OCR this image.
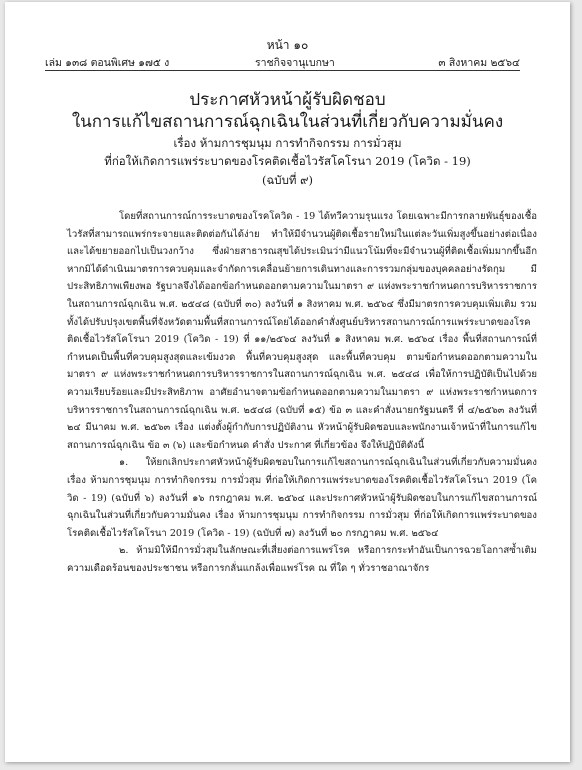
หน้า ๑๐
เล่ม ๑๓๘ ตอนพิเศษ ๑๗๕ ง	ราชกิจจานุเบกษา	๓ สิงหาคม ๒๕๖๔
ประกาศหัวหน้าผู้รับผิดชอบ
ในการแก้ไขสถานการณ์ฉุกเฉินในส่วนที่เกี่ยวกับความมั่นคง
เรื่อง ห้ามการชุมนุม การทำกิจกรรม การมั่วสุม
ที่ก่อให้เกิดการแพร่ระบาดของโรคติดเชื้อไวรัสโคโรนา 2019 (โควิด - 19)
(ฉบับที่ ๙)

โดยที่สถานการณ์การระบาดของโรคโควิด - 19 ได้ทวีความรุนแรง โดยเฉพาะมีการกลายพันธุ์ของเชื้อไวรัสที่สามารถแพร่กระจายและติดต่อกันได้ง่าย ทำให้มีจำนวนผู้ติดเชื้อรายใหม่ในแต่ละวันเพิ่มสูงขึ้นอย่างต่อเนื่องและได้ขยายออกไปเป็นวงกว้าง ซึ่งฝ่ายสาธารณสุขได้ประเมินว่ามีแนวโน้มที่จะมีจำนวนผู้ที่ติดเชื้อเพิ่มมากขึ้นอีก หากมิได้ดำเนินมาตรการควบคุมและจำกัดการเคลื่อนย้ายการเดินทางและการรวมกลุ่มของบุคคลอย่างรัดกุม มีประสิทธิภาพเพียงพอ รัฐบาลจึงได้ออกข้อกำหนดออกตามความในมาตรา ๙ แห่งพระราชกำหนดการบริหารราชการในสถานการณ์ฉุกเฉิน พ.ศ. ๒๕๔๘ (ฉบับที่ ๓๐) ลงวันที่ ๑ สิงหาคม พ.ศ. ๒๕๖๔ ซึ่งมีมาตรการควบคุมเพิ่มเติม รวมทั้งได้ปรับปรุงเขตพื้นที่จังหวัดตามพื้นที่สถานการณ์โดยได้ออกคำสั่งศูนย์บริหารสถานการณ์การแพร่ระบาดของโรคติดเชื้อไวรัสโคโรนา 2019 (โควิด - 19) ที่ ๑๑/๒๕๖๔ ลงวันที่ ๑ สิงหาคม พ.ศ. ๒๕๖๔ เรื่อง พื้นที่สถานการณ์ที่กำหนดเป็นพื้นที่ควบคุมสูงสุดและเข้มงวด พื้นที่ควบคุมสูงสุด และพื้นที่ควบคุม ตามข้อกำหนดออกตามความในมาตรา ๙ แห่งพระราชกำหนดการบริหารราชการในสถานการณ์ฉุกเฉิน พ.ศ. ๒๕๔๘ เพื่อให้การปฏิบัติเป็นไปด้วยความเรียบร้อยและมีประสิทธิภาพ อาศัยอำนาจตามข้อกำหนดออกตามความในมาตรา ๙ แห่งพระราชกำหนดการบริหารราชการในสถานการณ์ฉุกเฉิน พ.ศ. ๒๕๔๘ (ฉบับที่ ๑๕) ข้อ ๓ และคำสั่งนายกรัฐมนตรี ที่ ๔/๒๕๖๓ ลงวันที่ ๒๔ มีนาคม พ.ศ. ๒๕๖๓ เรื่อง แต่งตั้งผู้กำกับการปฏิบัติงาน หัวหน้าผู้รับผิดชอบและพนักงานเจ้าหน้าที่ในการแก้ไขสถานการณ์ฉุกเฉิน ข้อ ๓ (๖) และข้อกำหนด คำสั่ง ประกาศ ที่เกี่ยวข้อง จึงให้ปฏิบัติดังนี้

๑. ให้ยกเลิกประกาศหัวหน้าผู้รับผิดชอบในการแก้ไขสถานการณ์ฉุกเฉินในส่วนที่เกี่ยวกับความมั่นคง เรื่อง ห้ามการชุมนุม การทำกิจกรรม การมั่วสุม ที่ก่อให้เกิดการแพร่ระบาดของโรคติดเชื้อไวรัสโคโรนา 2019 (โควิด - 19) (ฉบับที่ ๖) ลงวันที่ ๑๖ กรกฎาคม พ.ศ. ๒๕๖๔ และประกาศหัวหน้าผู้รับผิดชอบในการแก้ไขสถานการณ์ฉุกเฉินในส่วนที่เกี่ยวกับความมั่นคง เรื่อง ห้ามการชุมนุม การทำกิจกรรม การมั่วสุม ที่ก่อให้เกิดการแพร่ระบาดของโรคติดเชื้อไวรัสโคโรนา 2019 (โควิด - 19) (ฉบับที่ ๗) ลงวันที่ ๒๐ กรกฎาคม พ.ศ. ๒๕๖๔

๒. ห้ามมิให้มีการมั่วสุมในลักษณะที่เสี่ยงต่อการแพร่โรค หรือการกระทำอันเป็นการฉวยโอกาสซ้ำเติมความเดือดร้อนของประชาชน หรือการกลั่นแกล้งเพื่อแพร่โรค ณ ที่ใด ๆ ทั่วราชอาณาจักร
